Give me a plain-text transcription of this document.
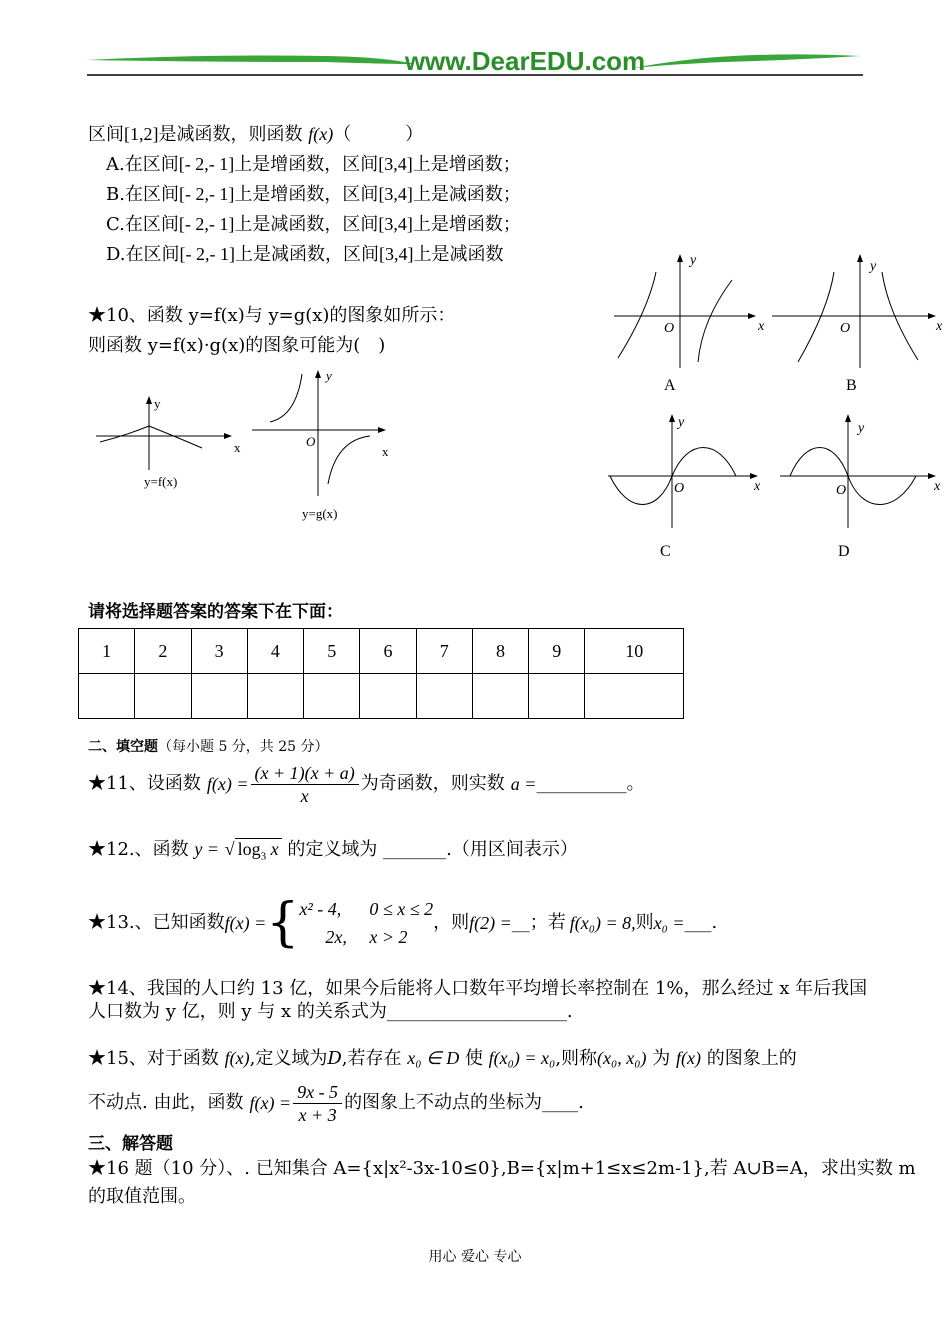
www.DearEDU.com
区间[1,2]是减函数，则函数 f(x)（　　　）
A.在区间[- 2,- 1]上是增函数，区间[3,4]上是增函数；
B.在区间[- 2,- 1]上是增函数，区间[3,4]上是减函数；
C.在区间[- 2,- 1]上是减函数，区间[3,4]上是增函数；
D.在区间[- 2,- 1]上是减函数，区间[3,4]上是减函数
★10、函数 y=f(x)与 y=g(x)的图象如所示：
则函数 y=f(x)·g(x)的图象可能为(　)
y
x
y=f(x)
y
O
x
y=g(x)
y
O	x
A
y
O	x
B
y
O	x
C
y
O	x
D
请将选择题答案的答案下在下面：
1	2	3	4	5	6	7	8	9	10

二、填空题（每小题 5 分，共 25 分）
★11、设函数 $f(x) = \frac{(x + 1)(x + a)}{x}$ 为奇函数，则实数 a = __________ 。
★12.、函数 y = √ $\log_3 x$ 的定义域为 _______.（用区间表示）
★13.、已知函数 f(x) = { x² - 4, 0 ≤ x ≤ 2
2x, x > 2
，则 f(2) = __ ；若 f(x₀) = 8, 则 x₀ = ___ .
★14、我国的人口约 13 亿，如果今后能将人口数年平均增长率控制在 1%，那么经过 x 年后我国
人口数为 y 亿，则 y 与 x 的关系式为____________________.
★15、对于函数 f(x),定义域为D,若存在 x₀ ∈ D 使 f(x₀) = x₀,则称(x₀, x₀) 为 f(x) 的图象上的
不动点. 由此，函数 $f(x) = \frac{9x - 5}{x + 3}$ 的图象上不动点的坐标为 ____ .
三、解答题
★16 题（10 分）、. 已知集合 A={x|x²-3x-10≤0},B={x|m+1≤x≤2m-1},若 A∪B=A，求出实数 m
的取值范围。
用心 爱心 专心
